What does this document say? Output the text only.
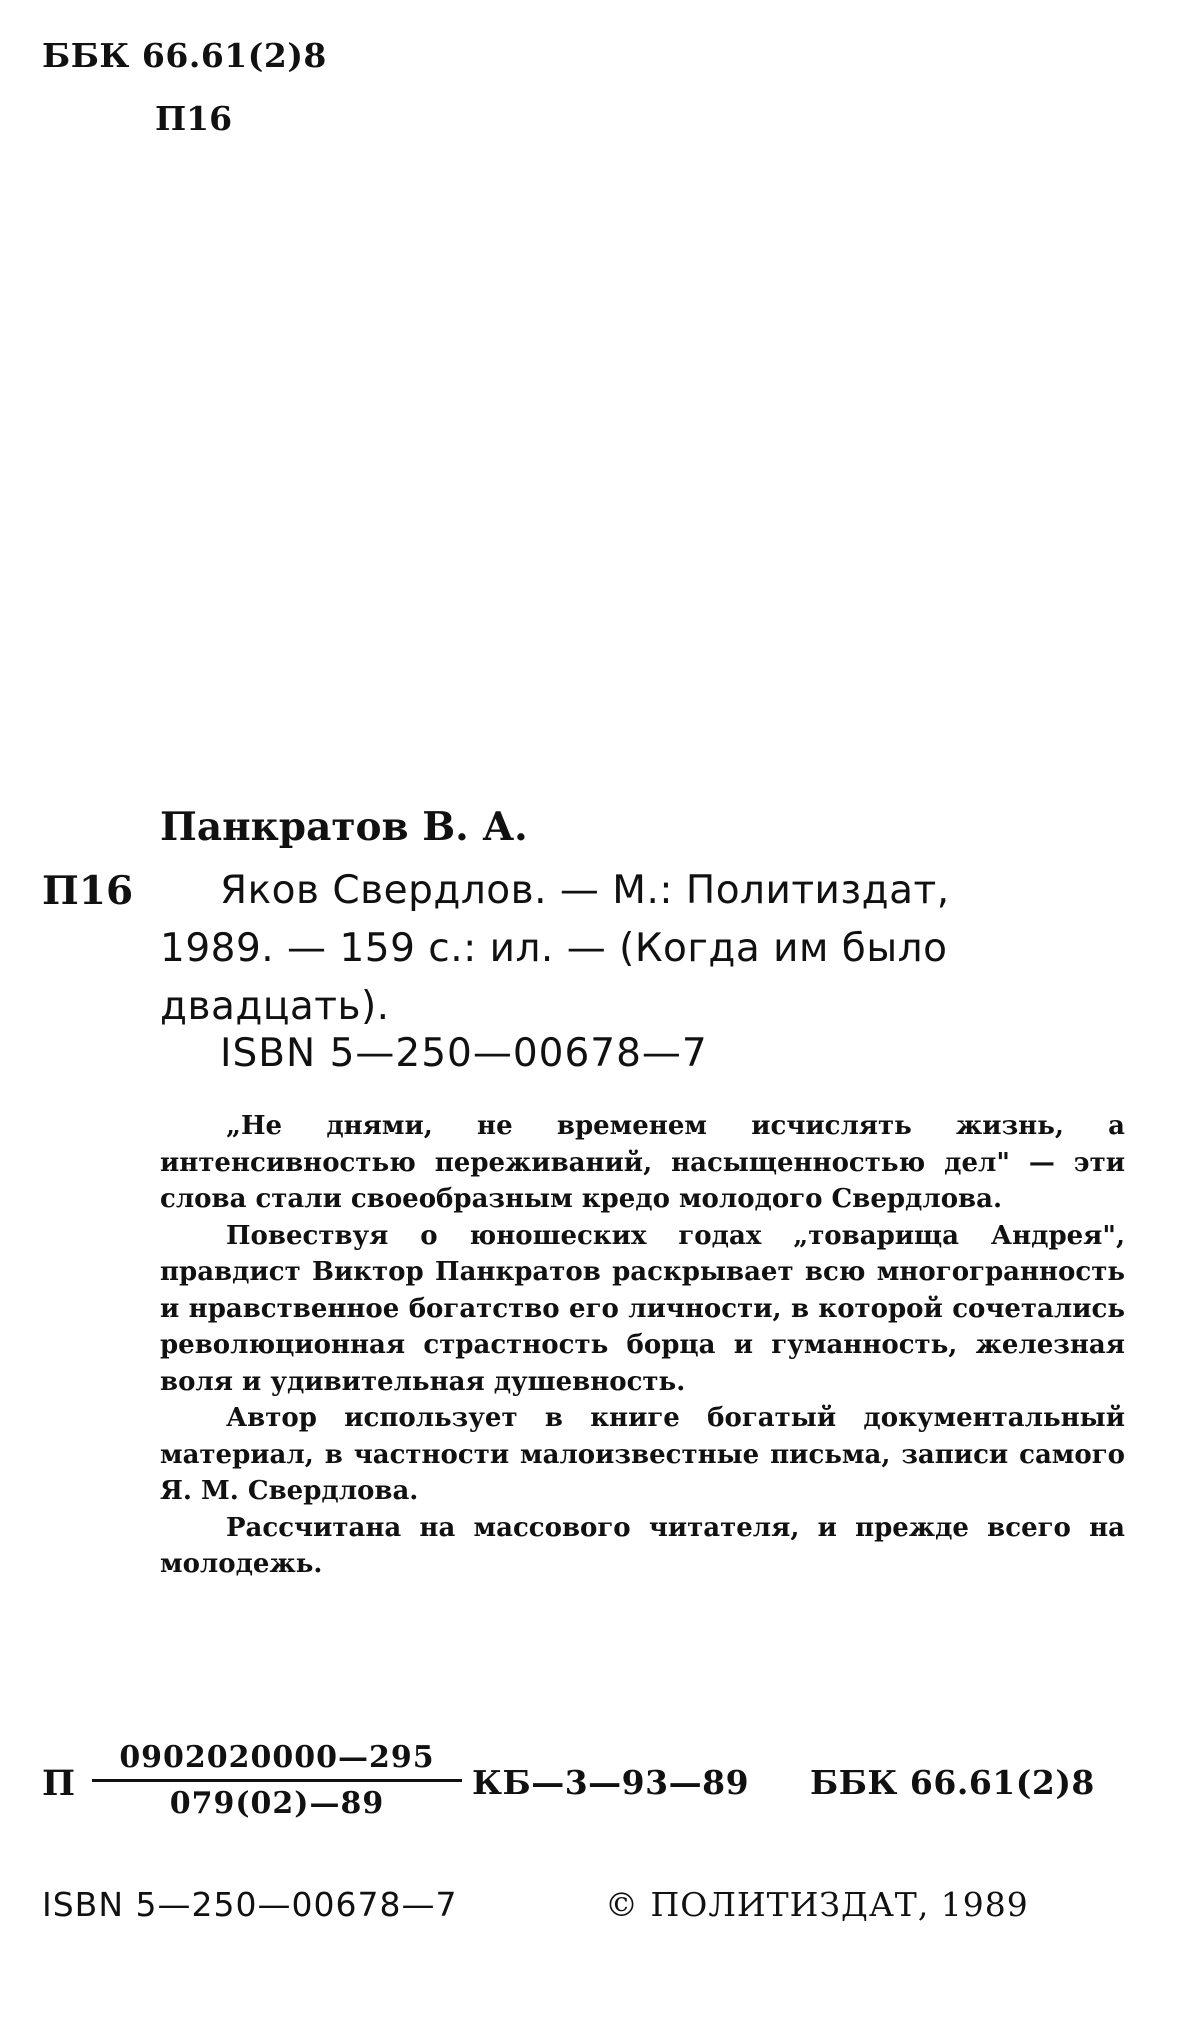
ББК 66.61(2)8
П16
Панкратов В. А.
П16	Яков Свердлов. — М.: Политиздат,
1989. — 159 с.: ил. — (Когда им было
двадцать).
ISBN 5—250—00678—7

„Не днями, не временем исчислять жизнь, а интенсивностью переживаний, насыщенностью дел" — эти слова стали своеобразным кредо молодого Свердлова.

Повествуя о юношеских годах „товарища Андрея", правдист Виктор Панкратов раскрывает всю многогранность и нравственное богатство его личности, в которой сочетались революционная страстность борца и гуманность, железная воля и удивительная душевность.

Автор использует в книге богатый документальный материал, в частности малоизвестные письма, записи самого Я. М. Свердлова.

Рассчитана на массового читателя, и прежде всего на молодежь.

П $\frac{0902020000—295}{079(02)—89}$ КБ—3—93—89 ББК 66.61(2)8
ISBN 5—250—00678—7	© ПОЛИТИЗДАТ, 1989
